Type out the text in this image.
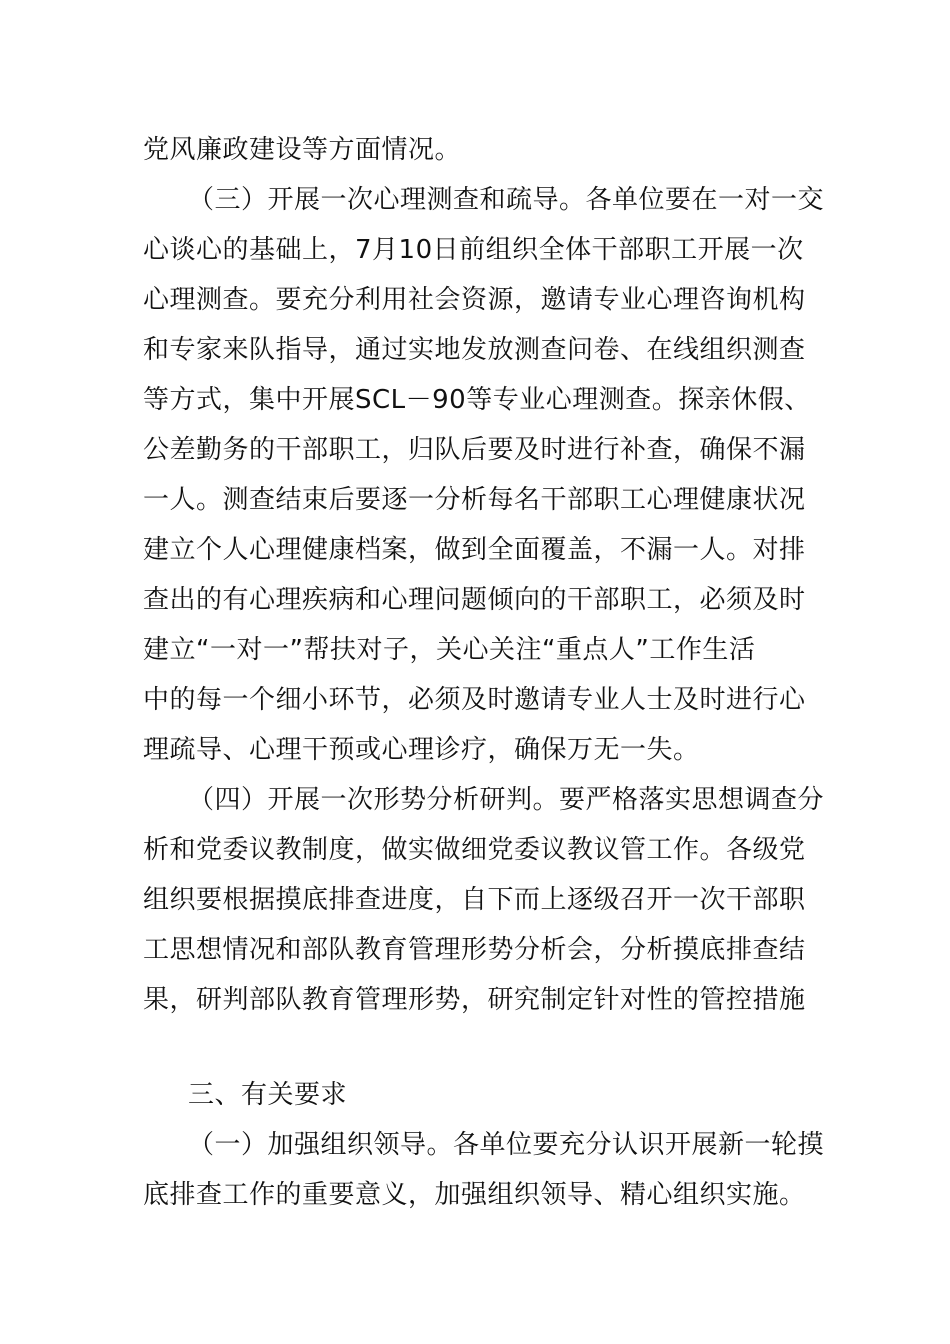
党风廉政建设等方面情况。
（三）开展一次心理测查和疏导。各单位要在一对一交
心谈心的基础上，7月10日前组织全体干部职工开展一次
心理测查。要充分利用社会资源，邀请专业心理咨询机构
和专家来队指导，通过实地发放测查问卷、在线组织测查
等方式，集中开展SCL－90等专业心理测查。探亲休假、
公差勤务的干部职工，归队后要及时进行补查，确保不漏
一人。测查结束后要逐一分析每名干部职工心理健康状况
建立个人心理健康档案，做到全面覆盖，不漏一人。对排
查出的有心理疾病和心理问题倾向的干部职工，必须及时
建立“一对一”帮扶对子，关心关注“重点人”工作生活
中的每一个细小环节，必须及时邀请专业人士及时进行心
理疏导、心理干预或心理诊疗，确保万无一失。
（四）开展一次形势分析研判。要严格落实思想调查分
析和党委议教制度，做实做细党委议教议管工作。各级党
组织要根据摸底排查进度，自下而上逐级召开一次干部职
工思想情况和部队教育管理形势分析会，分析摸底排查结
果，研判部队教育管理形势，研究制定针对性的管控措施
三、有关要求
（一）加强组织领导。各单位要充分认识开展新一轮摸
底排查工作的重要意义，加强组织领导、精心组织实施。
